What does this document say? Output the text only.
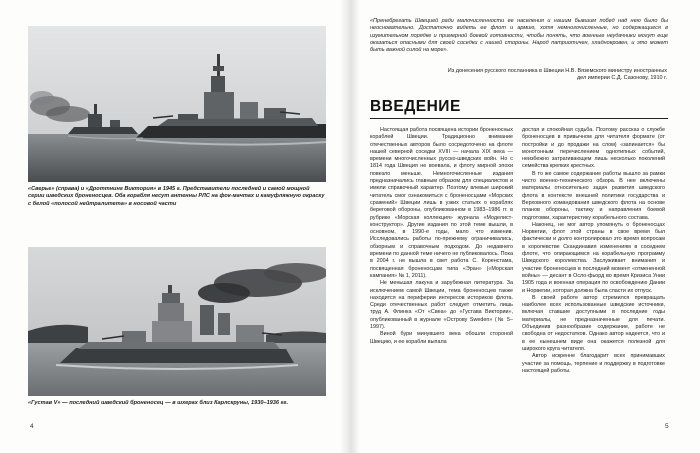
«Сверье» (справа) и «Дроттнинг Виктория» в 1945 г. Представители последней и самой мощной серии шведских броненосцев. Оба корабля несут антенны РЛС на фок-мачтах и камуфляжную окраску с белой «полосой нейтралитета» в носовой части
«Густав V» — последний шведский броненосец — в шхерах близ Карлскруны, 1930–1936 гг.
4
«Пренебрегать Швецией ради малочисленности ее населения и нашим бывшим побед над нею было бы неосновательно. Достаточно видеть ее флот и армию, хотя немногочисленные, но содержащиеся в изумительном порядке и примерной боевой готовности, чтобы понять, что военные неудачники могут еще оказаться опасными для своей соседки с нашей стороны. Народ патриотичен, хладнокровен, и это может быть важной силой на море».
Из донесения русского посланника в Швеции Н.В. Вяземского министру иностранных дел империи С.Д. Сазонову, 1910 г.
ВВЕДЕНИЕ

Настоящая работа посвящена истории броненосных кораблей Швеции. Традиционно внимание отечественных авторов было сосредоточено на флоте нашей северной соседки XVIII — начала XIX века — времени многочисленных русско-шведских войн. Но с 1814 года Швеция не воевала, и флоту мирной эпохи повезло меньше. Немногочисленные издания предназначались главным образом для специалистов и имели справочный характер. Поэтому влевые широкий читатель смог ознакомиться с броненосцами «Морских сражений» Швеции лишь в узких статьях о кораблях береговой обороны, опубликованном в 1983–1986 гг. в рубрике «Морская коллекция» журнала «Моделист-конструктор». Другие издания по этой теме вышли, в основном, в 1990-е годы, мало что изменив. Исследовались работы по-прежнему ограничивались, обзорным и справочным подходом. До недавнего времени по данной теме ничего не публиковалось. Пока в 2004 г. не вышла в свет работа С. Коренстама, посвященная броненосцам типа «Эран» («Морская кампания» № 1, 2011).

Не меньшая лакуна и зарубежная литература. За исключением самой Швеции, тема броненосцев также находится на периферии интересов историков флота. Среди отечественных работ следует отметить лишь труд А. Флинка «От «Свеа» до «Густава Виктории», опубликованный в журнале «Острову Sweden» (№ 5–1997).

Виной бури минувшего века обошли стороной Швецию, и ее корабли выпала

достая и спокойная судьба. Поэтому рассказ о службе броненосцев в привычном для читателя формате (от постройки и до продажи на слом) «запинается» бы монотонным перечислением однотипных событий, неизбежно затрагивающем лишь несколько поколений семейства крепких крестных.

В то же самое содержание работы вышло за рамки чисто военно-технического обзора. В нее включены материалы относительно задач развития шведского флота в контексте внешней политики государства и Верховного командования шведского флота на основе планов обороны, тактику и направления боевой подготовки, характеристику корабельного состава.

Наконец, не мог автор упомянуть о броненосцах Норвегии, флот этой страны в свое время был фактически и долго контролировал это время вопросам в королевстве Скандинавия изменениям в соседнем флоте, что опирающимся на корабельную программу Шведского королевства. Заслуживает внимания и участие броненосцев в последний момент «отмененной войны» — десант в Осло-фьорд во время Кризиса Унии 1905 года и военная операция по освобождению Дании и Норвегии, которая должна была спасти их отпуск.

В своей работе автор стремился превращать наиболее всех использованные шведские источники, включая ставшие доступными в последние годы материалы, не предназначенные для печати. Объединив разнообразие содержание, работе не свободна от недостатков. Однако автор надеется, что и в ее нынешнем виде она окажется полезной для широкого круга читателя.

Автор искренне благодарит всех принимавших участие за помощь, терпение и поддержку в подготовке настоящей работы.

5
